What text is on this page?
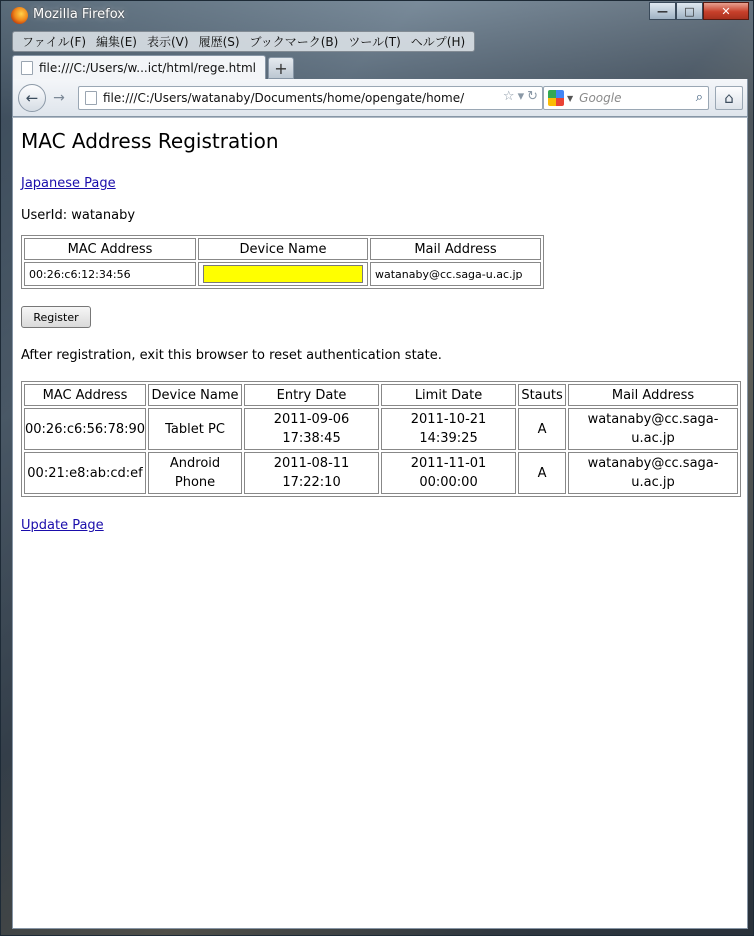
Mozilla Firefox	—	□	✕
ファイル(F) 編集(E) 表示(V) 履歴(S) ブックマーク(B) ツール(T) ヘルプ(H)
file:///C:/Users/w...ict/html/rege.html	+
← →	file:///C:/Users/watanaby/Documents/home/opengate/home/	☆ ▾ ↻	▼ Google	⌕ ⌂
MAC Address Registration
Japanese Page
UserId: watanaby
MAC Address	Device Name	Mail Address
00:26:c6:12:34:56		watanaby@cc.saga-u.ac.jp
Register
After registration, exit this browser to reset authentication state.
MAC Address	Device Name	Entry Date	Limit Date	Stauts	Mail Address
00:26:c6:56:78:90	Tablet PC	2011-09-06 17:38:45	2011-10-21 14:39:25	A	watanaby@cc.saga-u.ac.jp
00:21:e8:ab:cd:ef	Android Phone	2011-08-11 17:22:10	2011-11-01 00:00:00	A	watanaby@cc.saga-u.ac.jp
Update Page
